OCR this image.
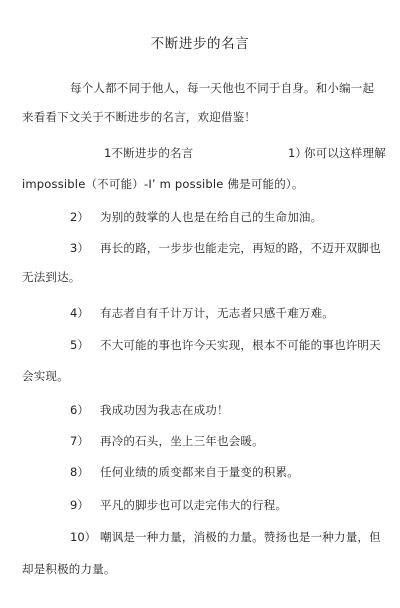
不断进步的名言
每个人都不同于他人，每一天他也不同于自身。和小编一起
来看看下文关于不断进步的名言，欢迎借鉴！
1不断进步的名言	1）
你可以这样理解
impossible（不可能）-I’ m possible 佛是可能的）。
2） 为别的鼓掌的人也是在给自己的生命加油。
3） 再长的路，一步步也能走完，再短的路，不迈开双脚也
无法到达。
4） 有志者自有千计万计，无志者只感千难万难。
5） 不大可能的事也许今天实现，根本不可能的事也许明天
会实现。
6） 我成功因为我志在成功！
7） 再冷的石头，坐上三年也会暖。
8） 任何业绩的质变都来自于量变的积累。
9） 平凡的脚步也可以走完伟大的行程。
10） 嘲讽是一种力量，消极的力量。赞扬也是一种力量，但
却是积极的力量。
